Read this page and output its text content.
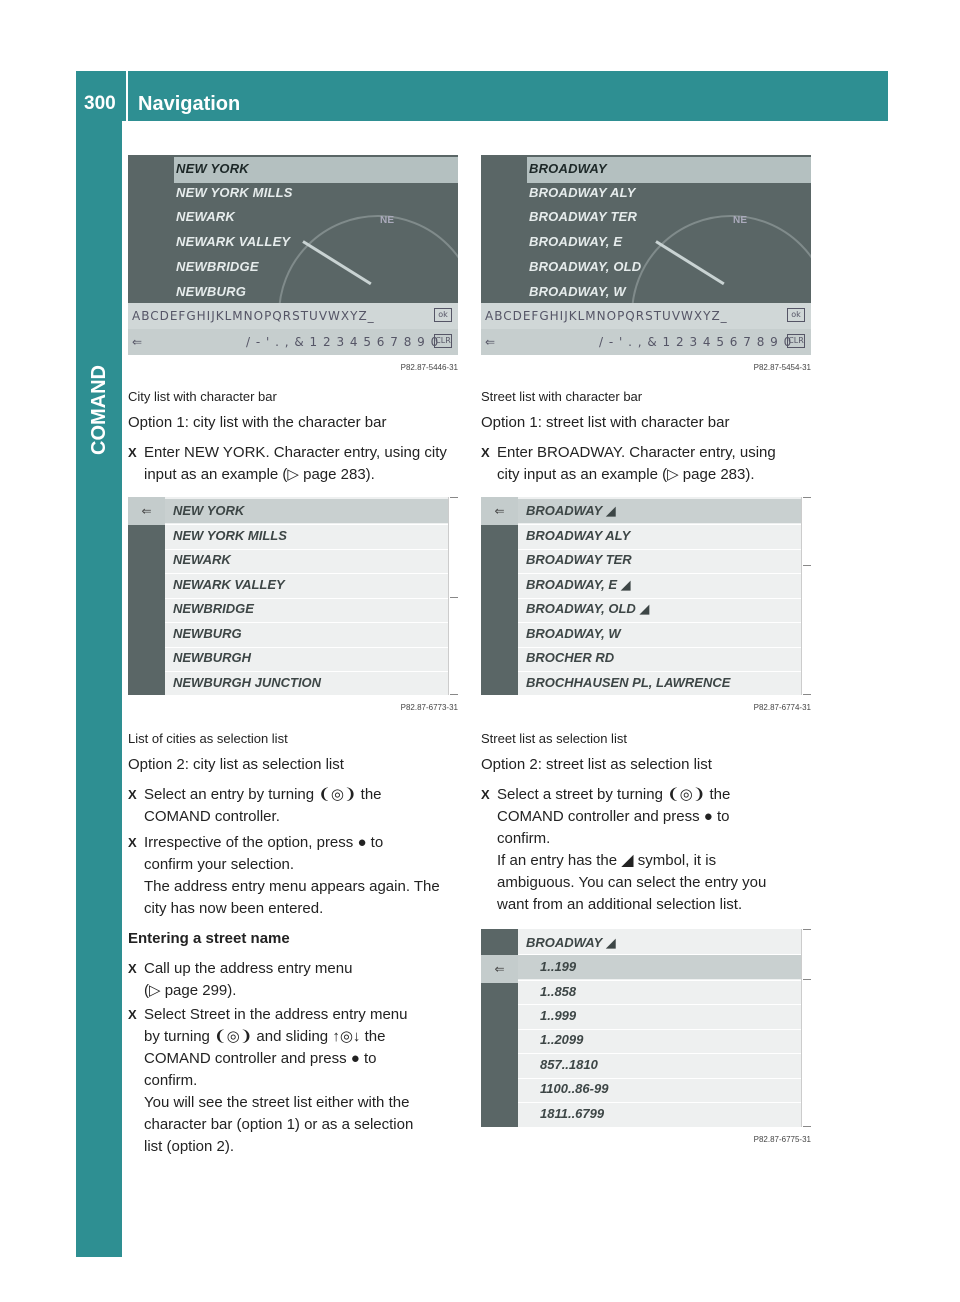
COMAND
300	Navigation
NE
NEW YORK
NEW YORK MILLS
NEWARK
NEWARK VALLEY
NEWBRIDGE
NEWBURG
ABCDEFGHIJKLMNOPQRSTUVWXYZ_	ok
⇐	/ - ' . , & 1 2 3 4 5 6 7 8 9 0
CLR
P82.87-5446-31
City list with character bar
Option 1: city list with the character bar
X Enter NEW YORK. Character entry, using city
input as an example (▷ page 283).
⇐	NEW YORK
NEW YORK MILLS
NEWARK
NEWARK VALLEY
NEWBRIDGE
NEWBURG
NEWBURGH
NEWBURGH JUNCTION
P82.87-6773-31
List of cities as selection list
Option 2: city list as selection list
X Select an entry by turning ❨◎❩ the
COMAND controller.
X Irrespective of the option, press ● to
confirm your selection.
The address entry menu appears again. The
city has now been entered.
Entering a street name
X Call up the address entry menu
(▷ page 299).
X Select Street in the address entry menu
by turning ❨◎❩ and sliding ↑◎↓ the
COMAND controller and press ● to
confirm.
You will see the street list either with the
character bar (option 1) or as a selection
list (option 2).
NE
BROADWAY
BROADWAY ALY
BROADWAY TER
BROADWAY, E
BROADWAY, OLD
BROADWAY, W
ABCDEFGHIJKLMNOPQRSTUVWXYZ_	ok
⇐	/ - ' . , & 1 2 3 4 5 6 7 8 9 0
CLR
P82.87-5454-31
Street list with character bar
Option 1: street list with character bar
X Enter BROADWAY. Character entry, using
city input as an example (▷ page 283).
⇐	BROADWAY ◢
BROADWAY ALY
BROADWAY TER
BROADWAY, E ◢
BROADWAY, OLD ◢
BROADWAY, W
BROCHER RD
BROCHHAUSEN PL, LAWRENCE
P82.87-6774-31
Street list as selection list
Option 2: street list as selection list
X Select a street by turning ❨◎❩ the
COMAND controller and press ● to
confirm.
If an entry has the ◢ symbol, it is
ambiguous. You can select the entry you
want from an additional selection list.
⇐
BROADWAY ◢
1..199
1..858
1..999
1..2099
857..1810
1100..86-99
1811..6799
P82.87-6775-31
